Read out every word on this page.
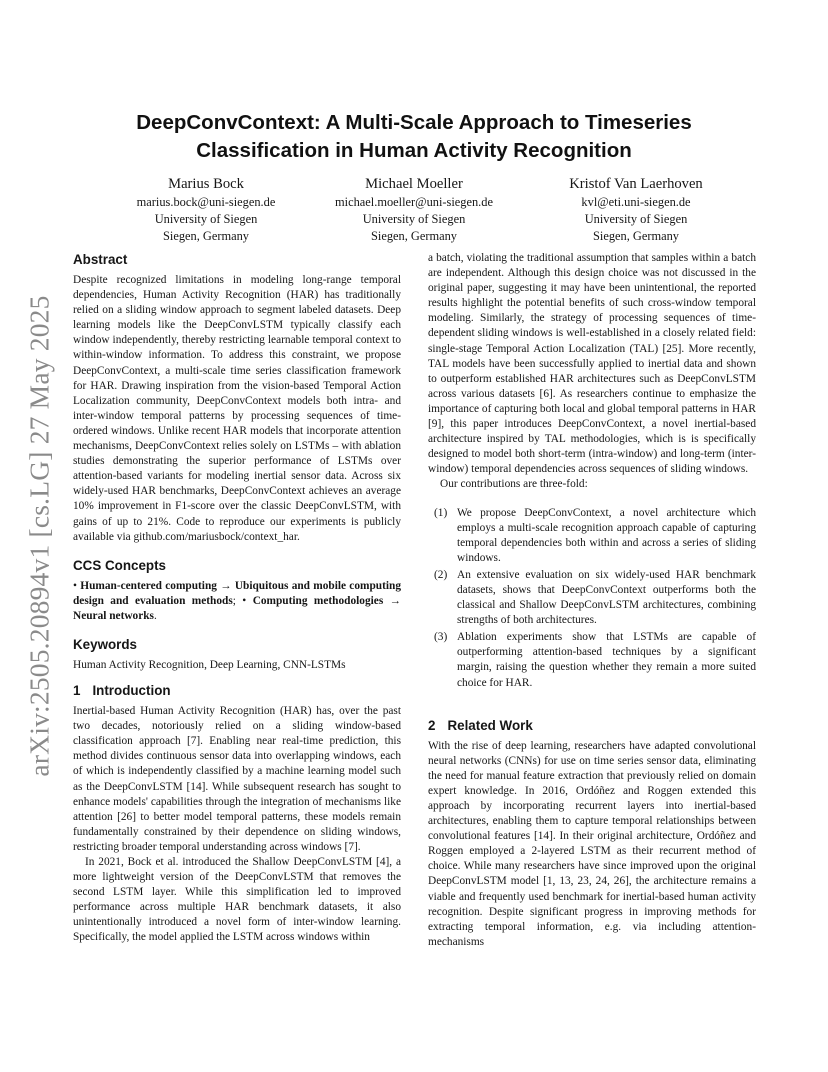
arXiv:2505.20894v1 [cs.LG] 27 May 2025
DeepConvContext: A Multi-Scale Approach to Timeseries Classification in Human Activity Recognition
Marius Bock
marius.bock@uni-siegen.de
University of Siegen
Siegen, Germany
Michael Moeller
michael.moeller@uni-siegen.de
University of Siegen
Siegen, Germany
Kristof Van Laerhoven
kvl@eti.uni-siegen.de
University of Siegen
Siegen, Germany
Abstract

Despite recognized limitations in modeling long-range temporal dependencies, Human Activity Recognition (HAR) has traditionally relied on a sliding window approach to segment labeled datasets. Deep learning models like the DeepConvLSTM typically classify each window independently, thereby restricting learnable temporal context to within-window information. To address this constraint, we propose DeepConvContext, a multi-scale time series classification framework for HAR. Drawing inspiration from the vision-based Temporal Action Localization community, DeepConvContext models both intra- and inter-window temporal patterns by processing sequences of time-ordered windows. Unlike recent HAR models that incorporate attention mechanisms, DeepConvContext relies solely on LSTMs – with ablation studies demonstrating the superior performance of LSTMs over attention-based variants for modeling inertial sensor data. Across six widely-used HAR benchmarks, DeepConvContext achieves an average 10% improvement in F1-score over the classic DeepConvLSTM, with gains of up to 21%. Code to reproduce our experiments is publicly available via github.com/mariusbock/context_har.

CCS Concepts
• Human-centered computing → Ubiquitous and mobile computing design and evaluation methods; • Computing methodologies → Neural networks.
Keywords

Human Activity Recognition, Deep Learning, CNN-LSTMs

1 Introduction

Inertial-based Human Activity Recognition (HAR) has, over the past two decades, notoriously relied on a sliding window-based classification approach [7]. Enabling near real-time prediction, this method divides continuous sensor data into overlapping windows, each of which is independently classified by a machine learning model such as the DeepConvLSTM [14]. While subsequent research has sought to enhance models' capabilities through the integration of mechanisms like attention [26] to better model temporal patterns, these models remain fundamentally constrained by their dependence on sliding windows, restricting broader temporal understanding across windows [7].

In 2021, Bock et al. introduced the Shallow DeepConvLSTM [4], a more lightweight version of the DeepConvLSTM that removes the second LSTM layer. While this simplification led to improved performance across multiple HAR benchmark datasets, it also unintentionally introduced a novel form of inter-window learning. Specifically, the model applied the LSTM across windows within

a batch, violating the traditional assumption that samples within a batch are independent. Although this design choice was not discussed in the original paper, suggesting it may have been unintentional, the reported results highlight the potential benefits of such cross-window temporal modeling. Similarly, the strategy of processing sequences of time-dependent sliding windows is well-established in a closely related field: single-stage Temporal Action Localization (TAL) [25]. More recently, TAL models have been successfully applied to inertial data and shown to outperform established HAR architectures such as DeepConvLSTM across various datasets [6]. As researchers continue to emphasize the importance of capturing both local and global temporal patterns in HAR [9], this paper introduces DeepConvContext, a novel inertial-based architecture inspired by TAL methodologies, which is is specifically designed to model both short-term (intra-window) and long-term (inter-window) temporal dependencies across sequences of sliding windows.

Our contributions are three-fold:

(1) We propose DeepConvContext, a novel architecture which employs a multi-scale recognition approach capable of capturing temporal dependencies both within and across a series of sliding windows.
(2) An extensive evaluation on six widely-used HAR benchmark datasets, shows that DeepConvContext outperforms both the classical and Shallow DeepConvLSTM architectures, combining strengths of both architectures.
(3) Ablation experiments show that LSTMs are capable of outperforming attention-based techniques by a significant margin, raising the question whether they remain a more suited choice for HAR.
2 Related Work

With the rise of deep learning, researchers have adapted convolutional neural networks (CNNs) for use on time series sensor data, eliminating the need for manual feature extraction that previously relied on domain expert knowledge. In 2016, Ordóñez and Roggen extended this approach by incorporating recurrent layers into inertial-based architectures, enabling them to capture temporal relationships between convolutional features [14]. In their original architecture, Ordóñez and Roggen employed a 2-layered LSTM as their recurrent method of choice. While many researchers have since improved upon the original DeepConvLSTM model [1, 13, 23, 24, 26], the architecture remains a viable and frequently used benchmark for inertial-based human activity recognition. Despite significant progress in improving methods for extracting temporal information, e.g. via including attention-mechanisms
